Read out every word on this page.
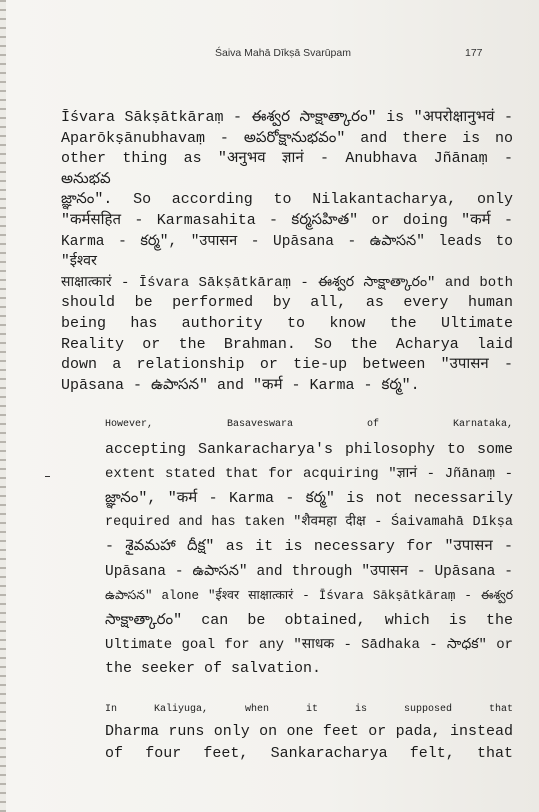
Śaiva Mahā Dīkṣā Svarūpam	177

Īśvara Sākṣātkāraṃ - ఈశ్వర సాక్షాత్కారం" is "अपरोक्षानुभवं -
Aparōkṣānubhavaṃ - అపరోక్షానుభవం" and there is no
other thing as "अनुभव ज्ञानं - Anubhava Jñānaṃ - అనుభవ
జ్ఞానం". So according to Nilakantacharya, only
"कर्मसहित - Karmasahita - కర్మసహిత" or doing "कर्म -
Karma - కర్మ", "उपासन - Upāsana - ఉపాసన" leads to "ईश्वर
साक्षात्कारं - Īśvara Sākṣātkāraṃ - ఈశ్వర సాక్షాత్కారం" and both
should be performed by all, as every human
being has authority to know the Ultimate
Reality or the Brahman. So the Acharya laid
down a relationship or tie-up between "उपासन -
Upāsana - ఉపాసన" and "कर्म - Karma - కర్మ".

However, Basaveswara of Karnataka,
accepting Sankaracharya's philosophy to some
extent stated that for acquiring "ज्ञानं - Jñānaṃ -
జ్ఞానం", "कर्म - Karma - కర్మ" is not necessarily
required and has taken "शैवमहा दीक्ष - Śaivamahā Dīkṣa
- శైవమహా దీక్ష" as it is necessary for "उपासन -
Upāsana - ఉపాసన" and through "उपासन - Upāsana -
ఉపాసన" alone "ईश्वर साक्षात्कारं - Īśvara Sākṣātkāraṃ - ఈశ్వర
సాక్షాత్కారం" can be obtained, which is the
Ultimate goal for any "साधक - Sādhaka - సాధక" or
the seeker of salvation.

In Kaliyuga, when it is supposed that
Dharma runs only on one feet or pada, instead
of four feet, Sankaracharya felt, that
